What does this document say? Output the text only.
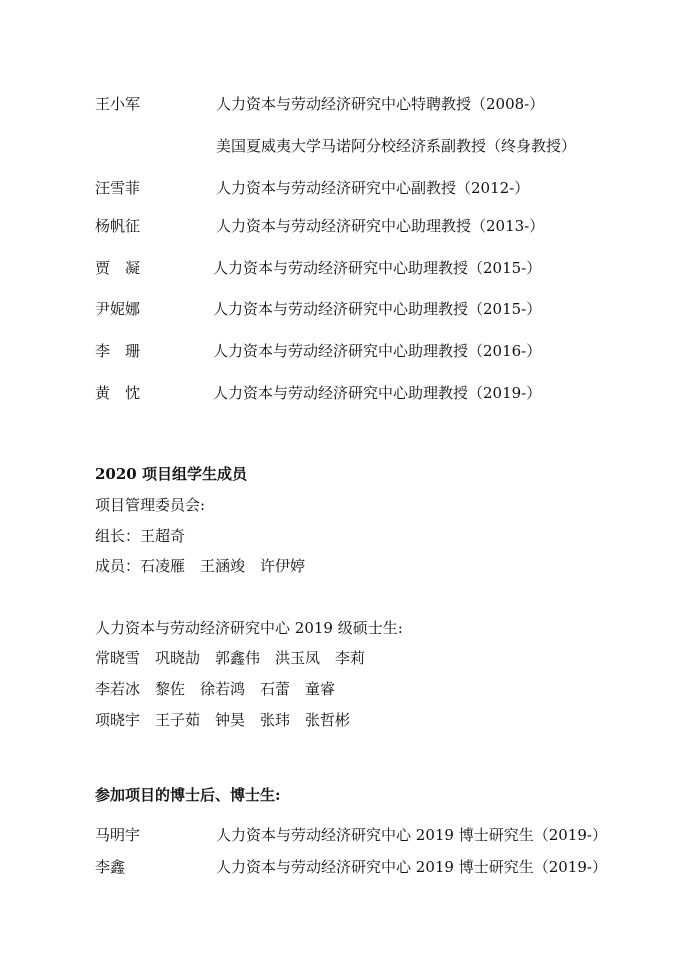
王小军	人力资本与劳动经济研究中心特聘教授（2008-）
美国夏威夷大学马诺阿分校经济系副教授（终身教授）
汪雪菲	人力资本与劳动经济研究中心副教授（2012-）
杨帆征	人力资本与劳动经济研究中心助理教授（2013-）
贾　凝	人力资本与劳动经济研究中心助理教授（2015-）
尹妮娜	人力资本与劳动经济研究中心助理教授（2015-）
李　珊	人力资本与劳动经济研究中心助理教授（2016-）
黄　忱	人力资本与劳动经济研究中心助理教授（2019-）
2020 项目组学生成员
项目管理委员会:
组长：王超奇
成员：石凌雁　王涵竣　许伊婷
人力资本与劳动经济研究中心 2019 级硕士生:
常晓雪　巩晓劼　郭鑫伟　洪玉凤　李莉
李若冰　黎佐　徐若鸿　石蕾　童睿
项晓宇　王子茹　钟昊　张玮　张哲彬
参加项目的博士后、博士生:
马明宇	人力资本与劳动经济研究中心 2019 博士研究生（2019-）
李鑫	人力资本与劳动经济研究中心 2019 博士研究生（2019-）
